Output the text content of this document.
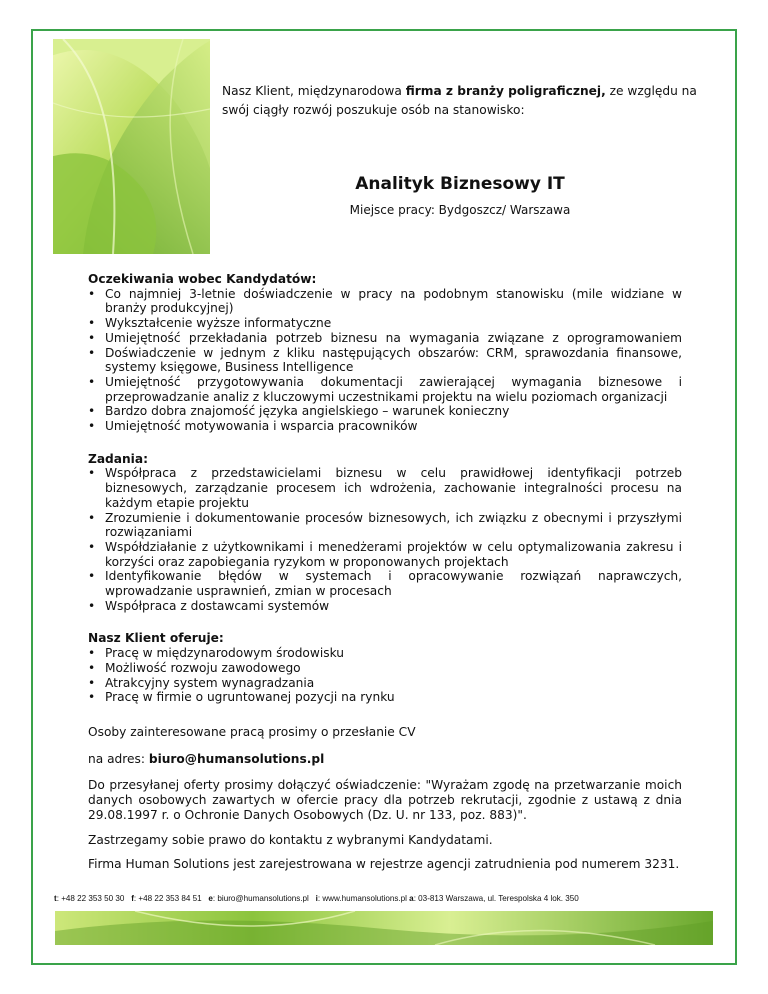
Nasz Klient, międzynarodowa firma z branży poligraficznej, ze względu na swój ciągły rozwój poszukuje osób na stanowisko:
Analityk Biznesowy IT
Miejsce pracy: Bydgoszcz/ Warszawa

Oczekiwania wobec Kandydatów:

• Co najmniej 3-letnie doświadczenie w pracy na podobnym stanowisku (mile widziane w branży produkcyjnej)
• Wykształcenie wyższe informatyczne
• Umiejętność przekładania potrzeb biznesu na wymagania związane z oprogramowaniem
• Doświadczenie w jednym z kliku następujących obszarów: CRM, sprawozdania finansowe, systemy księgowe, Business Intelligence
• Umiejętność przygotowywania dokumentacji zawierającej wymagania biznesowe i przeprowadzanie analiz z kluczowymi uczestnikami projektu na wielu poziomach organizacji
• Bardzo dobra znajomość języka angielskiego – warunek konieczny
• Umiejętność motywowania i wsparcia pracowników

Zadania:

• Współpraca z przedstawicielami biznesu w celu prawidłowej identyfikacji potrzeb biznesowych, zarządzanie procesem ich wdrożenia, zachowanie integralności procesu na każdym etapie projektu
• Zrozumienie i dokumentowanie procesów biznesowych, ich związku z obecnymi i przyszłymi rozwiązaniami
• Współdziałanie z użytkownikami i menedżerami projektów w celu optymalizowania zakresu i korzyści oraz zapobiegania ryzykom w proponowanych projektach
• Identyfikowanie błędów w systemach i opracowywanie rozwiązań naprawczych, wprowadzanie usprawnień, zmian w procesach
• Współpraca z dostawcami systemów

Nasz Klient oferuje:

• Pracę w międzynarodowym środowisku
• Możliwość rozwoju zawodowego
• Atrakcyjny system wynagradzania
• Pracę w firmie o ugruntowanej pozycji na rynku

Osoby zainteresowane pracą prosimy o przesłanie CV

na adres: biuro@humansolutions.pl

Do przesyłanej oferty prosimy dołączyć oświadczenie: "Wyrażam zgodę na przetwarzanie moich danych osobowych zawartych w ofercie pracy dla potrzeb rekrutacji, zgodnie z ustawą z dnia 29.08.1997 r. o Ochronie Danych Osobowych (Dz. U. nr 133, poz. 883)".

Zastrzegamy sobie prawo do kontaktu z wybranymi Kandydatami.

Firma Human Solutions jest zarejestrowana w rejestrze agencji zatrudnienia pod numerem 3231.

t: +48 22 353 50 30 f: +48 22 353 84 51 e: biuro@humansolutions.pl i: www.humansolutions.pl a: 03-813 Warszawa, ul. Terespolska 4 lok. 350
